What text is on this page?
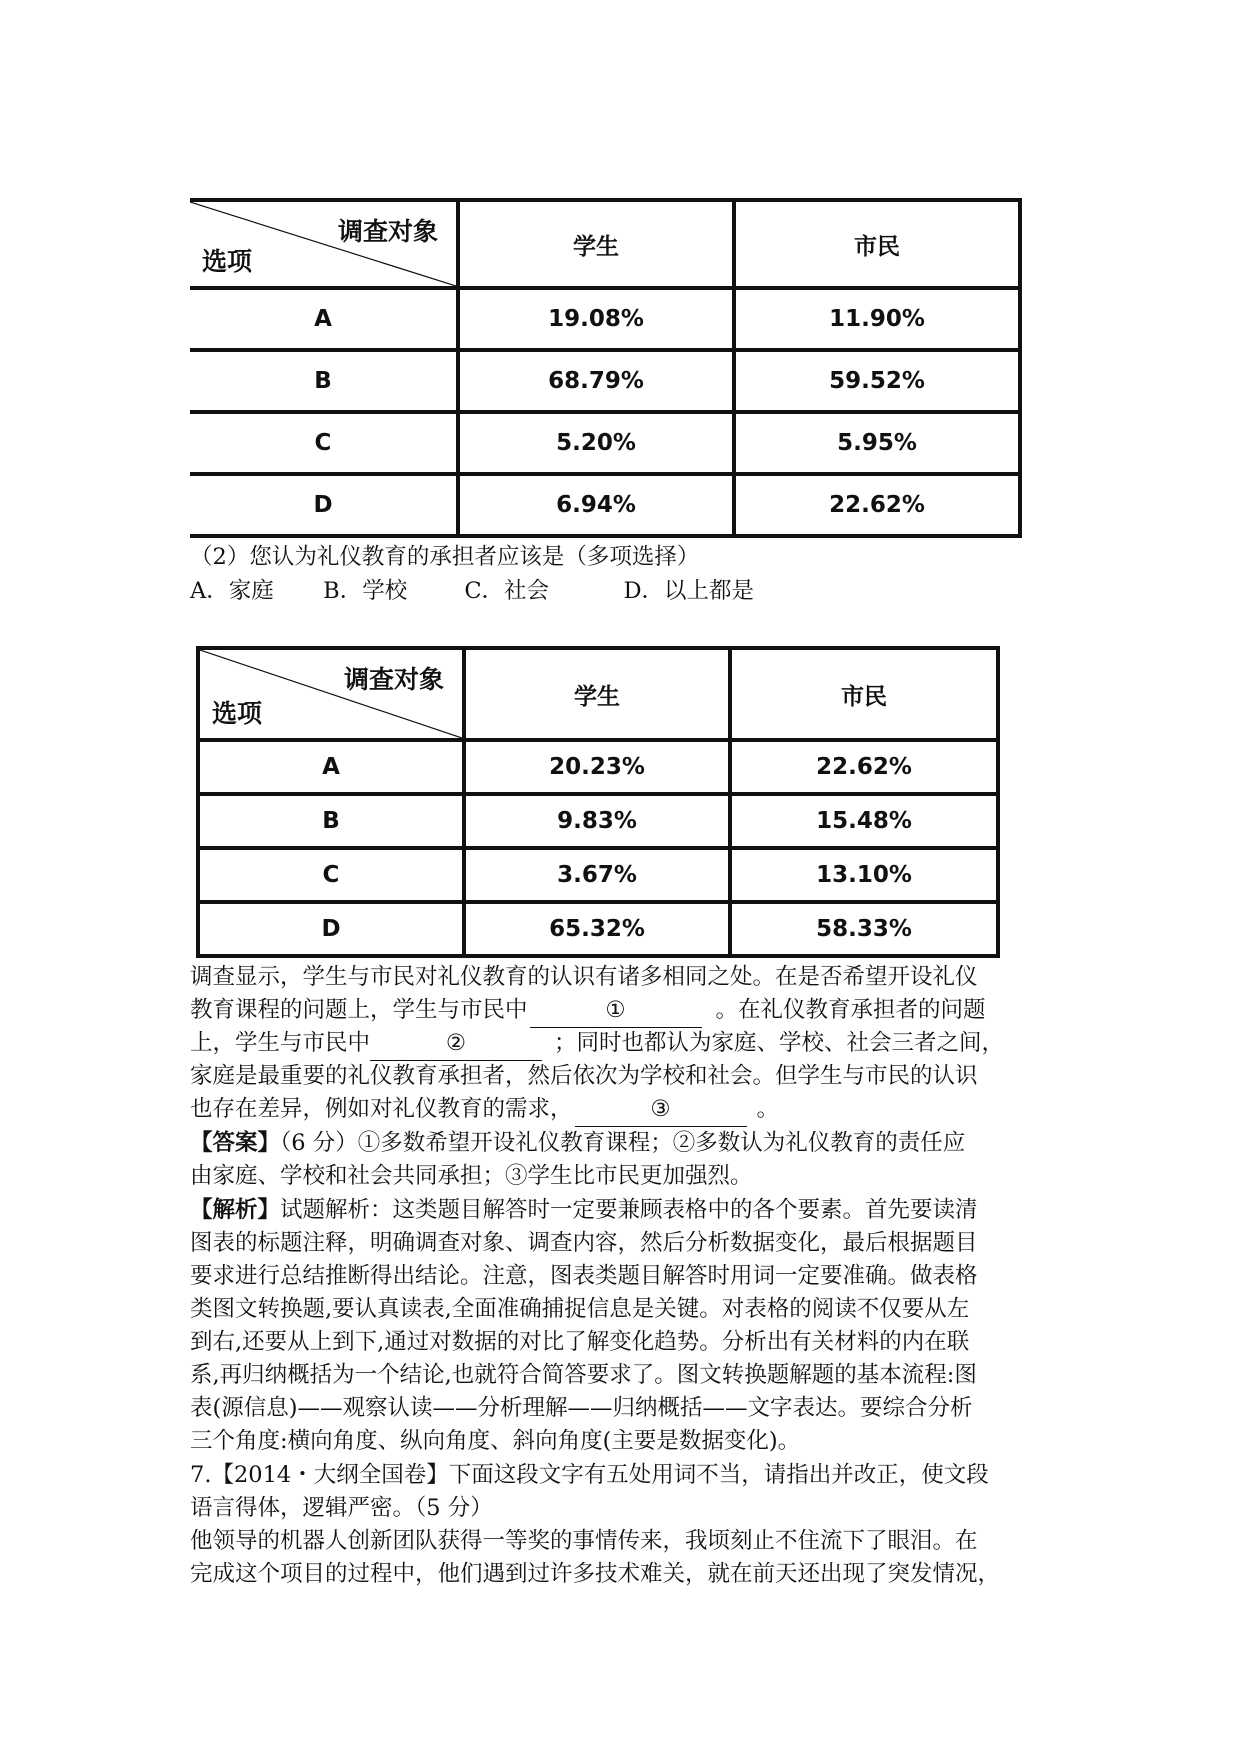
调查对象
选项	学生	市民
A	19.08%	11.90%
B	68.79%	59.52%
C	5.20%	5.95%
D	6.94%	22.62%
（2）您认为礼仪教育的承担者应该是（多项选择）
A．家庭 B．学校	C．社会	D．以上都是
调查对象
选项	学生	市民
A	20.23%	22.62%
B	9.83%	15.48%
C	3.67%	13.10%
D	65.32%	58.33%
调查显示，学生与市民对礼仪教育的认识有诸多相同之处。在是否希望开设礼仪
教育课程的问题上，学生与市民中	①	。在礼仪教育承担者的问题
上，学生与市民中	②	；同时也都认为家庭、学校、社会三者之间，
家庭是最重要的礼仪教育承担者，然后依次为学校和社会。但学生与市民的认识
也存在差异，例如对礼仪教育的需求，	③	。
【答案】（6 分）①多数希望开设礼仪教育课程；②多数认为礼仪教育的责任应
由家庭、学校和社会共同承担；③学生比市民更加强烈。
【解析】试题解析：这类题目解答时一定要兼顾表格中的各个要素。首先要读清
图表的标题注释，明确调查对象、调查内容，然后分析数据变化，最后根据题目
要求进行总结推断得出结论。注意，图表类题目解答时用词一定要准确。做表格
类图文转换题,要认真读表,全面准确捕捉信息是关键。对表格的阅读不仅要从左
到右,还要从上到下,通过对数据的对比了解变化趋势。分析出有关材料的内在联
系,再归纳概括为一个结论,也就符合简答要求了。图文转换题解题的基本流程:图
表(源信息)——观察认读——分析理解——归纳概括——文字表达。要综合分析
三个角度:横向角度、纵向角度、斜向角度(主要是数据变化)。
7.【2014・大纲全国卷】下面这段文字有五处用词不当，请指出并改正，使文段
语言得体，逻辑严密。（5 分）
他领导的机器人创新团队获得一等奖的事情传来，我顷刻止不住流下了眼泪。在
完成这个项目的过程中，他们遇到过许多技术难关，就在前天还出现了突发情况，
